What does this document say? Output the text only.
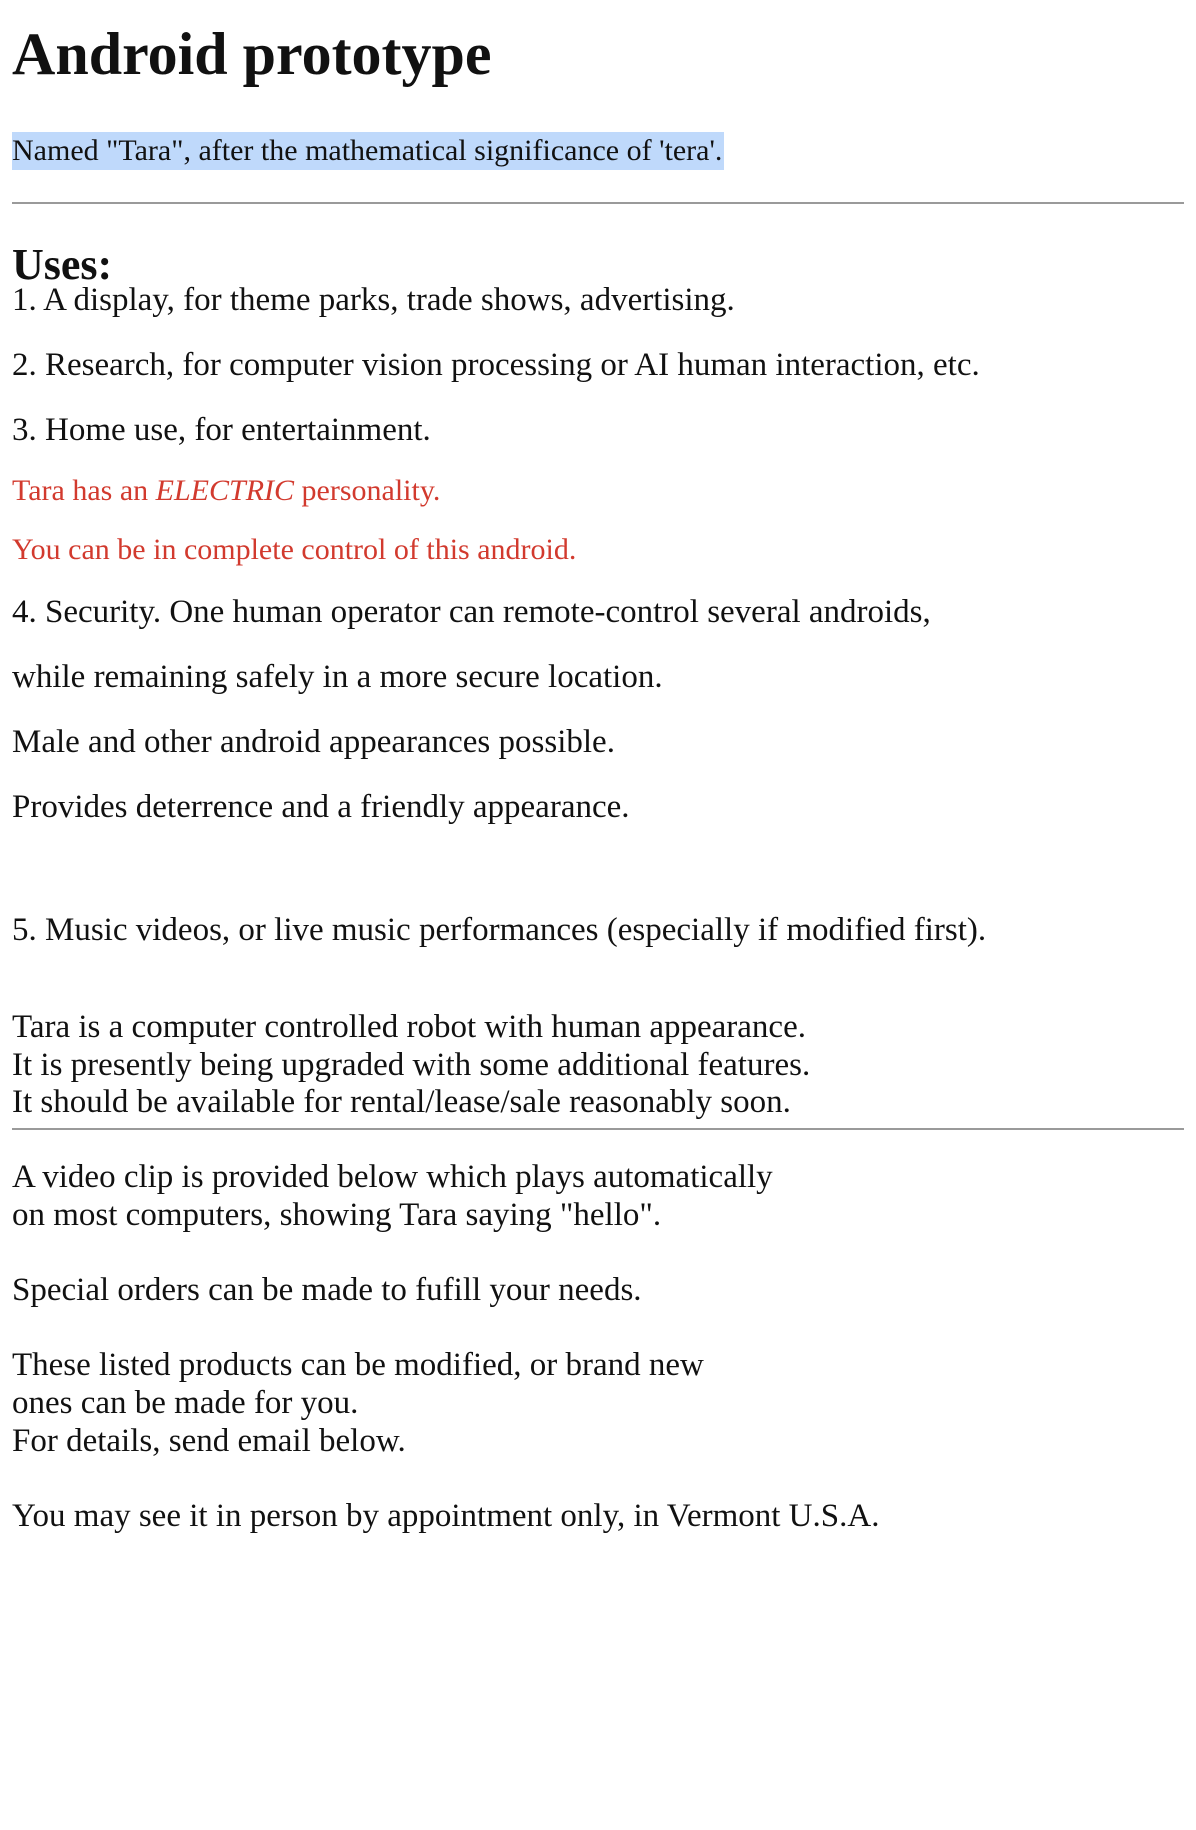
Android prototype
Named "Tara", after the mathematical significance of 'tera'.
Uses:
1. A display, for theme parks, trade shows, advertising.
2. Research, for computer vision processing or AI human interaction, etc.
3. Home use, for entertainment.
Tara has an ELECTRIC personality.
You can be in complete control of this android.
4. Security. One human operator can remote-control several androids,
while remaining safely in a more secure location.
Male and other android appearances possible.
Provides deterrence and a friendly appearance.
5. Music videos, or live music performances (especially if modified first).
Tara is a computer controlled robot with human appearance.
It is presently being upgraded with some additional features.
It should be available for rental/lease/sale reasonably soon.
A video clip is provided below which plays automatically
on most computers, showing Tara saying "hello".
Special orders can be made to fufill your needs.
These listed products can be modified, or brand new
ones can be made for you.
For details, send email below.
You may see it in person by appointment only, in Vermont U.S.A.
